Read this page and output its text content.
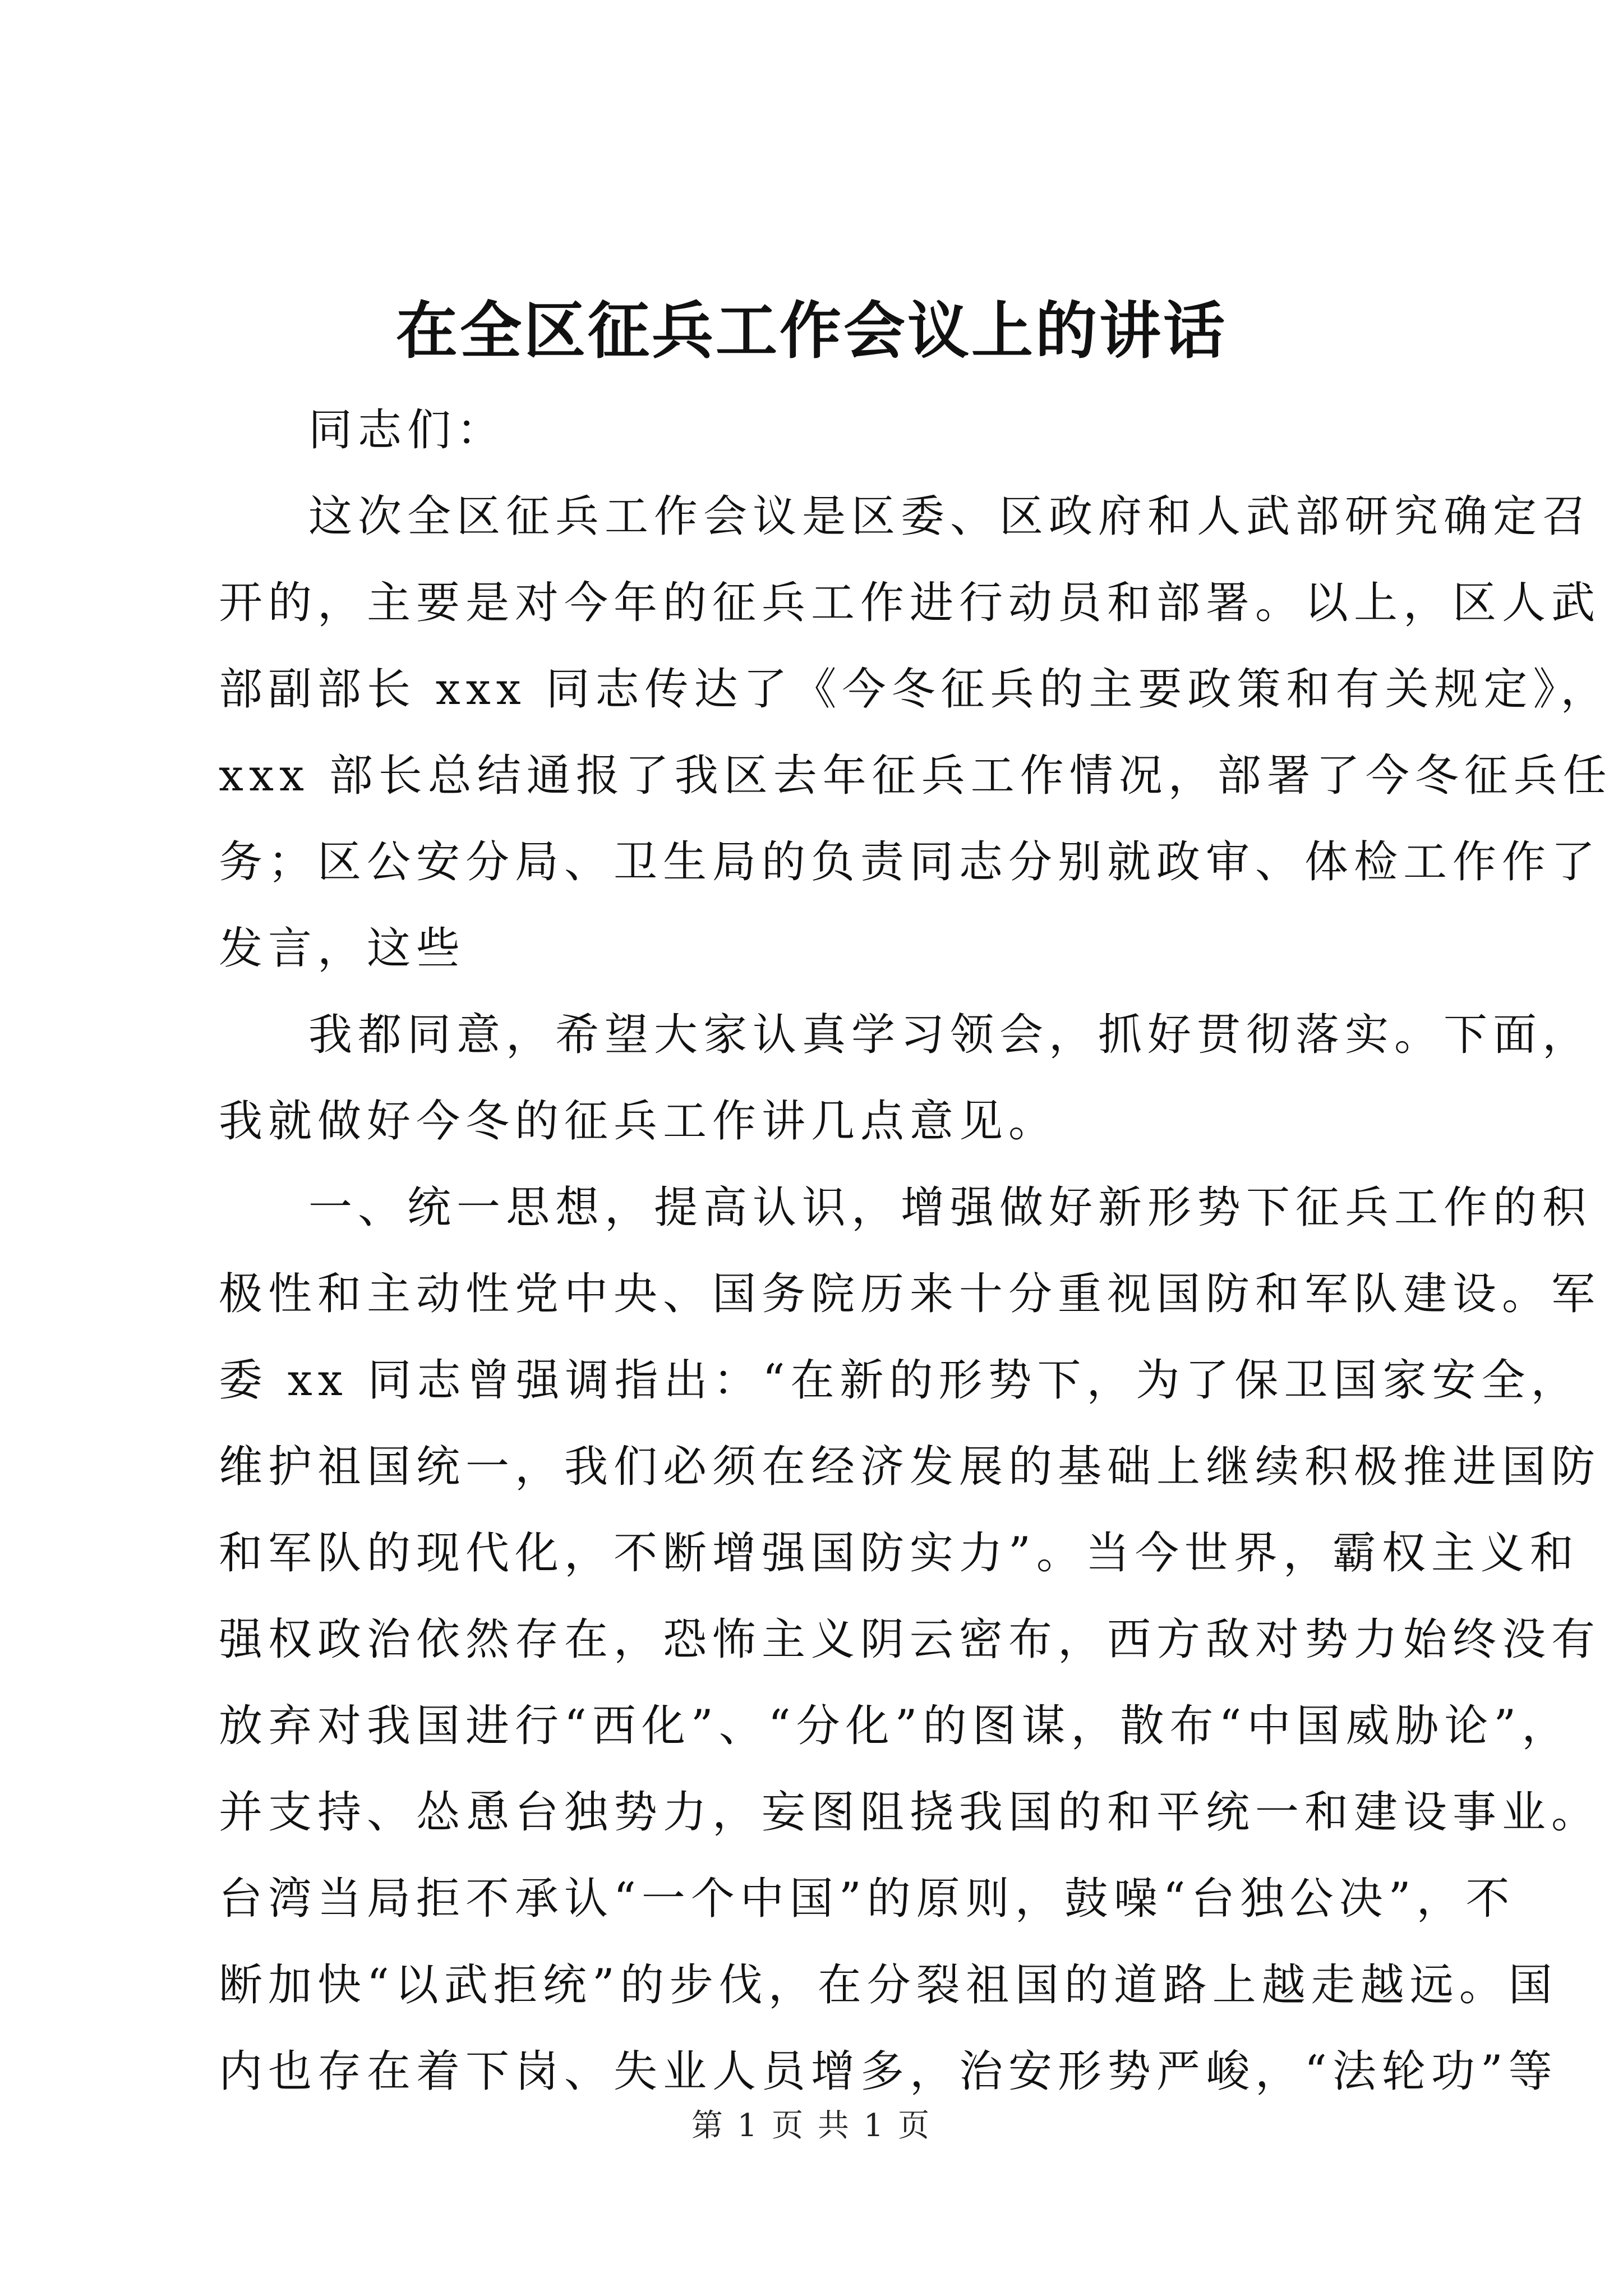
在全区征兵工作会议上的讲话
同志们：
这次全区征兵工作会议是区委、区政府和人武部研究确定召
开的，主要是对今年的征兵工作进行动员和部署。以上，区人武
部副部长 xxx 同志传达了《今冬征兵的主要政策和有关规定》，
xxx 部长总结通报了我区去年征兵工作情况，部署了今冬征兵任
务；区公安分局、卫生局的负责同志分别就政审、体检工作作了
发言，这些
我都同意，希望大家认真学习领会，抓好贯彻落实。下面，
我就做好今冬的征兵工作讲几点意见。
一、统一思想，提高认识，增强做好新形势下征兵工作的积
极性和主动性党中央、国务院历来十分重视国防和军队建设。军
委 xx 同志曾强调指出：“在新的形势下，为了保卫国家安全，
维护祖国统一，我们必须在经济发展的基础上继续积极推进国防
和军队的现代化，不断增强国防实力”。当今世界，霸权主义和
强权政治依然存在，恐怖主义阴云密布，西方敌对势力始终没有
放弃对我国进行“西化”、“分化”的图谋，散布“中国威胁论”，
并支持、怂恿台独势力，妄图阻挠我国的和平统一和建设事业。
台湾当局拒不承认“一个中国”的原则，鼓噪“台独公决”，不
断加快“以武拒统”的步伐，在分裂祖国的道路上越走越远。国
内也存在着下岗、失业人员增多，治安形势严峻，“法轮功”等
第 1 页 共 1 页
